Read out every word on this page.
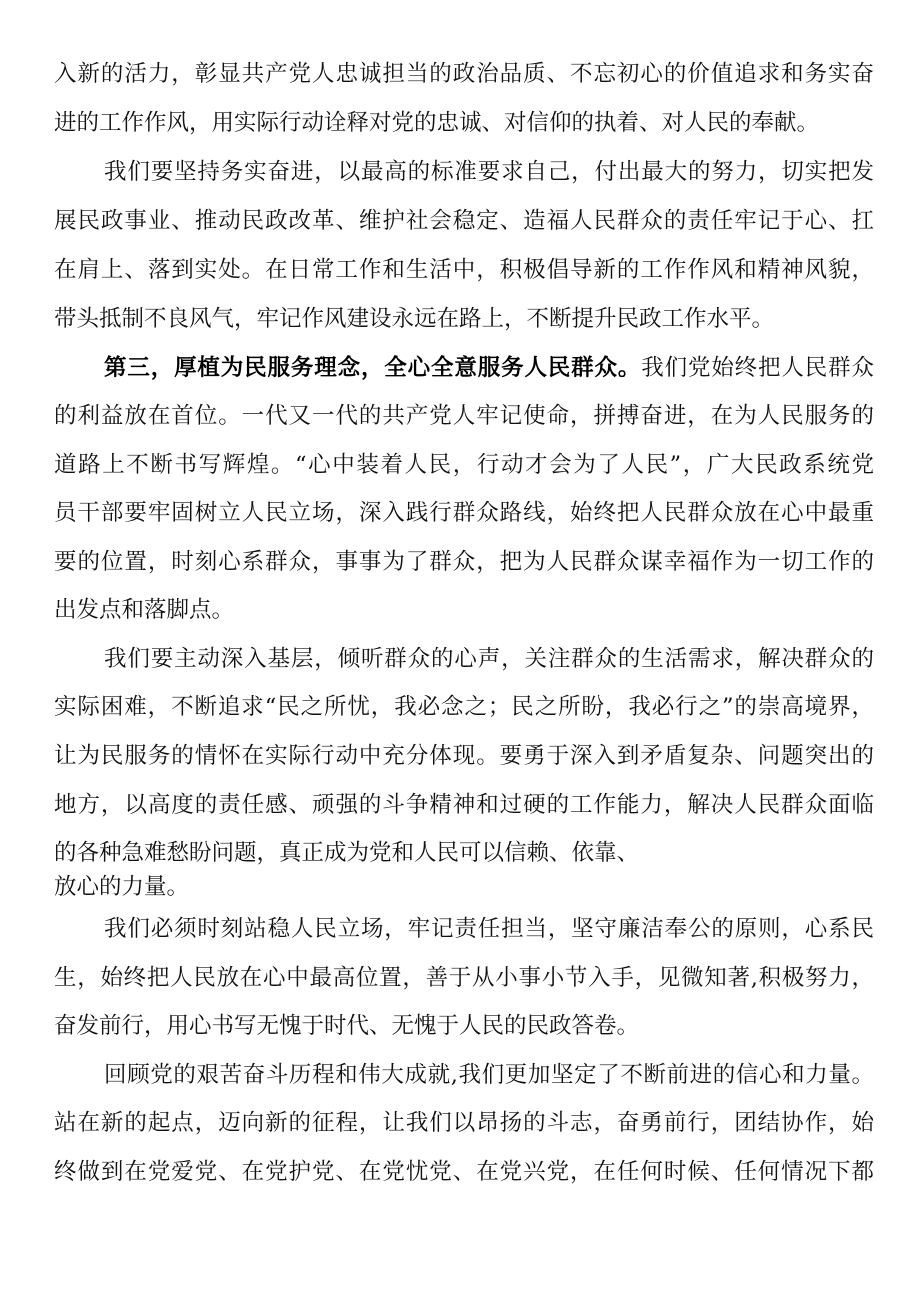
入新的活力，彰显共产党人忠诚担当的政治品质、不忘初心的价值追求和务实奋
进的工作作风，用实际行动诠释对党的忠诚、对信仰的执着、对人民的奉献。
我们要坚持务实奋进，以最高的标准要求自己，付出最大的努力，切实把发
展民政事业、推动民政改革、维护社会稳定、造福人民群众的责任牢记于心、扛
在肩上、落到实处。在日常工作和生活中，积极倡导新的工作作风和精神风貌，
带头抵制不良风气，牢记作风建设永远在路上，不断提升民政工作水平。
第三，厚植为民服务理念，全心全意服务人民群众。我们党始终把人民群众
的利益放在首位。一代又一代的共产党人牢记使命，拼搏奋进，在为人民服务的
道路上不断书写辉煌。“心中装着人民，行动才会为了人民”，广大民政系统党
员干部要牢固树立人民立场，深入践行群众路线，始终把人民群众放在心中最重
要的位置，时刻心系群众，事事为了群众，把为人民群众谋幸福作为一切工作的
出发点和落脚点。
我们要主动深入基层，倾听群众的心声，关注群众的生活需求，解决群众的
实际困难，不断追求“民之所忧，我必念之；民之所盼，我必行之”的崇高境界，
让为民服务的情怀在实际行动中充分体现。要勇于深入到矛盾复杂、问题突出的
地方，以高度的责任感、顽强的斗争精神和过硬的工作能力，解决人民群众面临
的各种急难愁盼问题，真正成为党和人民可以信赖、依靠、
放心的力量。
我们必须时刻站稳人民立场，牢记责任担当，坚守廉洁奉公的原则，心系民
生，始终把人民放在心中最高位置，善于从小事小节入手，见微知著,积极努力，
奋发前行，用心书写无愧于时代、无愧于人民的民政答卷。
回顾党的艰苦奋斗历程和伟大成就,我们更加坚定了不断前进的信心和力量。
站在新的起点，迈向新的征程，让我们以昂扬的斗志，奋勇前行，团结协作，始
终做到在党爱党、在党护党、在党忧党、在党兴党，在任何时候、任何情况下都
